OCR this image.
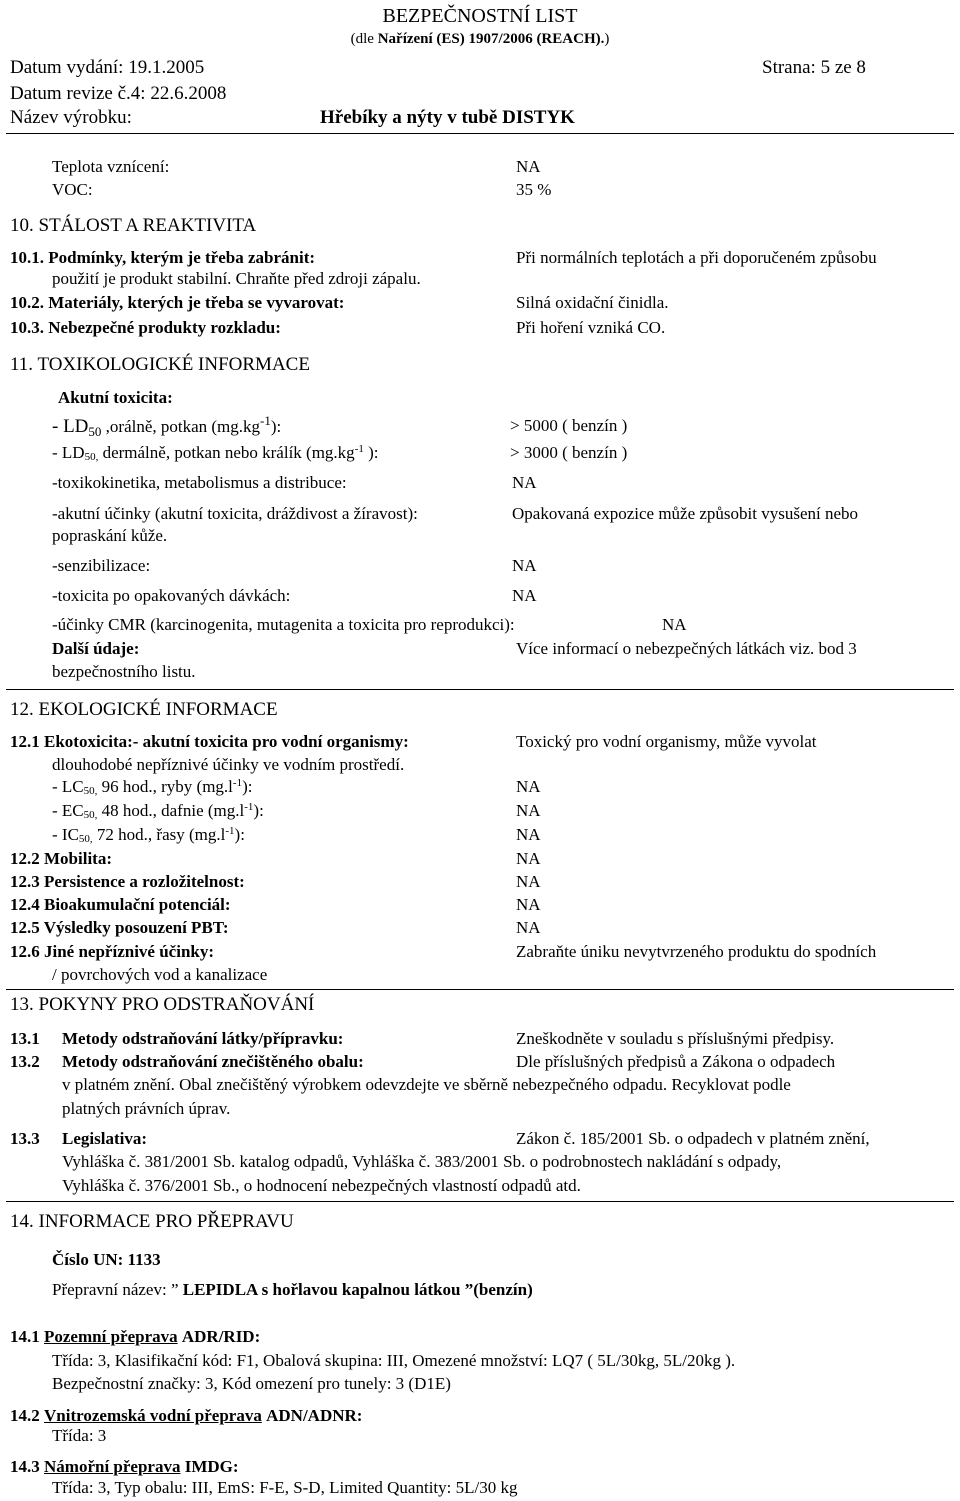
BEZPEČNOSTNÍ LIST
(dle Nařízení (ES) 1907/2006 (REACH).)
Datum vydání: 19.1.2005	Strana: 5 ze 8
Datum revize č.4: 22.6.2008
Název výrobku:	Hřebíky a nýty v tubě DISTYK
Teplota vznícení:	NA
VOC:	35 %
10. STÁLOST A REAKTIVITA
10.1. Podmínky, kterým je třeba zabránit:	Při normálních teplotách a při doporučeném způsobu
použití je produkt stabilní. Chraňte před zdroji zápalu.
10.2. Materiály, kterých je třeba se vyvarovat:	Silná oxidační činidla.
10.3. Nebezpečné produkty rozkladu:	Při hoření vzniká CO.
11. TOXIKOLOGICKÉ INFORMACE
Akutní toxicita:
- $LD_{50}$ ,orálně, potkan $(mg.kg^{-1})$:	> 5000 ( benzín )
- $LD_{50,}$ dermálně, potkan nebo králík ($mg.kg^{-1}$ ):	> 3000 ( benzín )
-toxikokinetika, metabolismus a distribuce:	NA
-akutní účinky (akutní toxicita, dráždivost a žíravost):	Opakovaná expozice může způsobit vysušení nebo
popraskání kůže.
-senzibilizace:	NA
-toxicita po opakovaných dávkách:	NA
-účinky CMR (karcinogenita, mutagenita a toxicita pro reprodukci):	NA
Další údaje:	Více informací o nebezpečných látkách viz. bod 3
bezpečnostního listu.
12. EKOLOGICKÉ INFORMACE
12.1 Ekotoxicita:- akutní toxicita pro vodní organismy:	Toxický pro vodní organismy, může vyvolat
dlouhodobé nepříznivé účinky ve vodním prostředí.
- $LC_{50,}$ 96 hod., ryby $(mg.l^{-1})$:	NA
- $EC_{50,}$ 48 hod., dafnie $(mg.l^{-1})$:	NA
- $IC_{50,}$ 72 hod., řasy $(mg.l^{-1})$:	NA
12.2 Mobilita:	NA
12.3 Persistence a rozložitelnost:	NA
12.4 Bioakumulační potenciál:	NA
12.5 Výsledky posouzení PBT:	NA
12.6 Jiné nepříznivé účinky:	Zabraňte úniku nevytvrzeného produktu do spodních
/ povrchových vod a kanalizace
13. POKYNY PRO ODSTRAŇOVÁNÍ
13.1 Metody odstraňování látky/přípravku:	Zneškodněte v souladu s příslušnými předpisy.
13.2 Metody odstraňování znečištěného obalu:	Dle příslušných předpisů a Zákona o odpadech
v platném znění. Obal znečištěný výrobkem odevzdejte ve sběrně nebezpečného odpadu. Recyklovat podle
platných právních úprav.
13.3 Legislativa:	Zákon č. 185/2001 Sb. o odpadech v platném znění,
Vyhláška č. 381/2001 Sb. katalog odpadů, Vyhláška č. 383/2001 Sb. o podrobnostech nakládání s odpady,
Vyhláška č. 376/2001 Sb., o hodnocení nebezpečných vlastností odpadů atd.
14. INFORMACE PRO PŘEPRAVU
Číslo UN: 1133
Přepravní název: ” LEPIDLA s hořlavou kapalnou látkou ”(benzín)
14.1 Pozemní přeprava ADR/RID:
Třída: 3, Klasifikační kód: F1, Obalová skupina: III, Omezené množství: LQ7 ( 5L/30kg, 5L/20kg ).
Bezpečnostní značky: 3, Kód omezení pro tunely: 3 (D1E)
14.2 Vnitrozemská vodní přeprava ADN/ADNR:
Třída: 3
14.3 Námořní přeprava IMDG:
Třída: 3, Typ obalu: III, EmS: F-E, S-D, Limited Quantity: 5L/30 kg
